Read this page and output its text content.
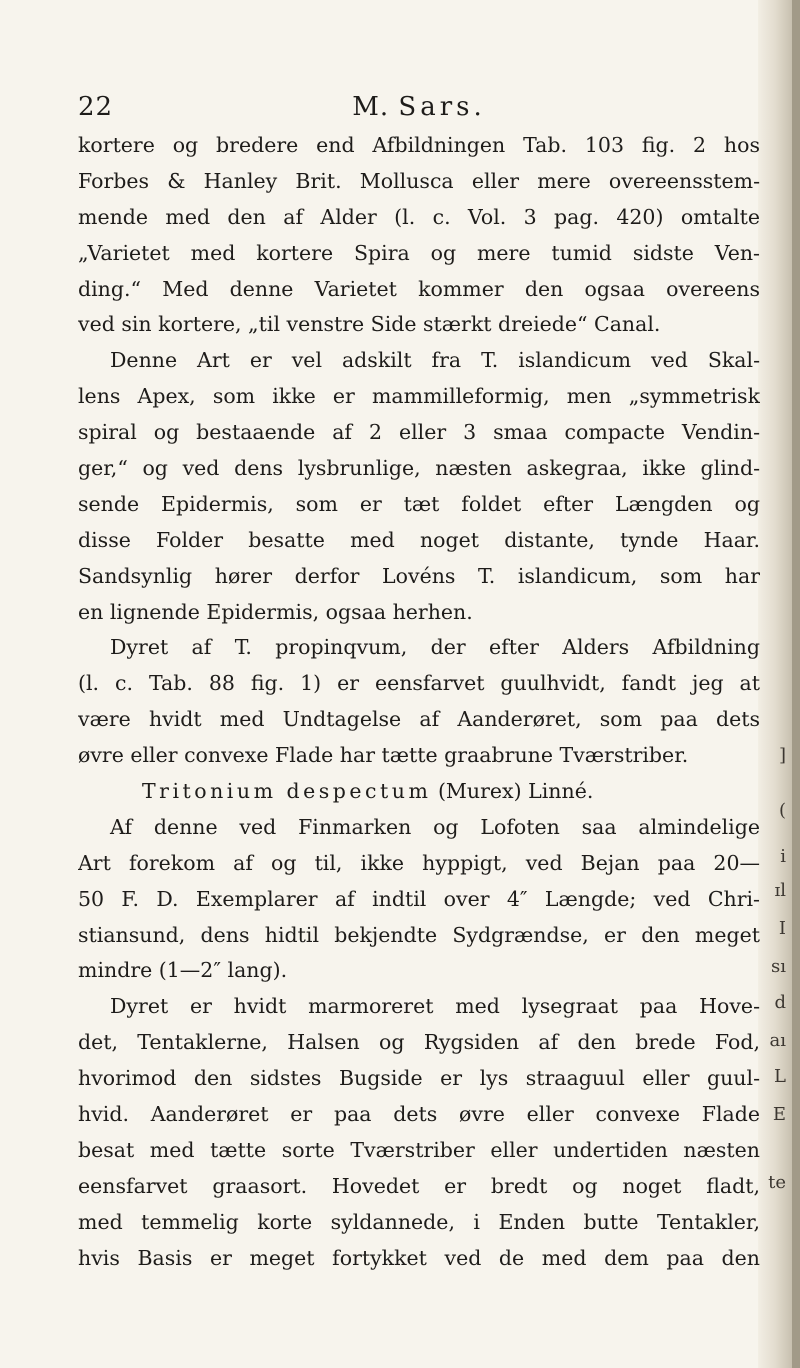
22	M. Sars.
kortere og bredere end Afbildningen Tab. 103 fig. 2 hos
Forbes & Hanley Brit. Mollusca eller mere overeensstem-
mende med den af Alder (l. c. Vol. 3 pag. 420) omtalte
„Varietet med kortere Spira og mere tumid sidste Ven-
ding.“ Med denne Varietet kommer den ogsaa overeens
ved sin kortere, „til venstre Side stærkt dreiede“ Canal.
Denne Art er vel adskilt fra T. islandicum ved Skal-
lens Apex, som ikke er mammilleformig, men „symmetrisk
spiral og bestaaende af 2 eller 3 smaa compacte Vendin-
ger,“ og ved dens lysbrunlige, næsten askegraa, ikke glind-
sende Epidermis, som er tæt foldet efter Længden og
disse Folder besatte med noget distante, tynde Haar.
Sandsynlig hører derfor Lovéns T. islandicum, som har
en lignende Epidermis, ogsaa herhen.
Dyret af T. propinqvum, der efter Alders Afbildning
(l. c. Tab. 88 fig. 1) er eensfarvet guulhvidt, fandt jeg at
være hvidt med Undtagelse af Aanderøret, som paa dets
øvre eller convexe Flade har tætte graabrune Tværstriber.
Tritonium despectum (Murex) Linné.
Af denne ved Finmarken og Lofoten saa almindelige
Art forekom af og til, ikke hyppigt, ved Bejan paa 20—
50 F. D. Exemplarer af indtil over 4″ Længde; ved Chri-
stiansund, dens hidtil bekjendte Sydgrændse, er den meget
mindre (1—2″ lang).
Dyret er hvidt marmoreret med lysegraat paa Hove-
det, Tentaklerne, Halsen og Rygsiden af den brede Fod,
hvorimod den sidstes Bugside er lys straaguul eller guul-
hvid. Aanderøret er paa dets øvre eller convexe Flade
besat med tætte sorte Tværstriber eller undertiden næsten
eensfarvet graasort. Hovedet er bredt og noget fladt,
med temmelig korte syldannede, i Enden butte Tentakler,
hvis Basis er meget fortykket ved de med dem paa den
]
(
i
ɪl
I
sı
d
aı
L
E
te
